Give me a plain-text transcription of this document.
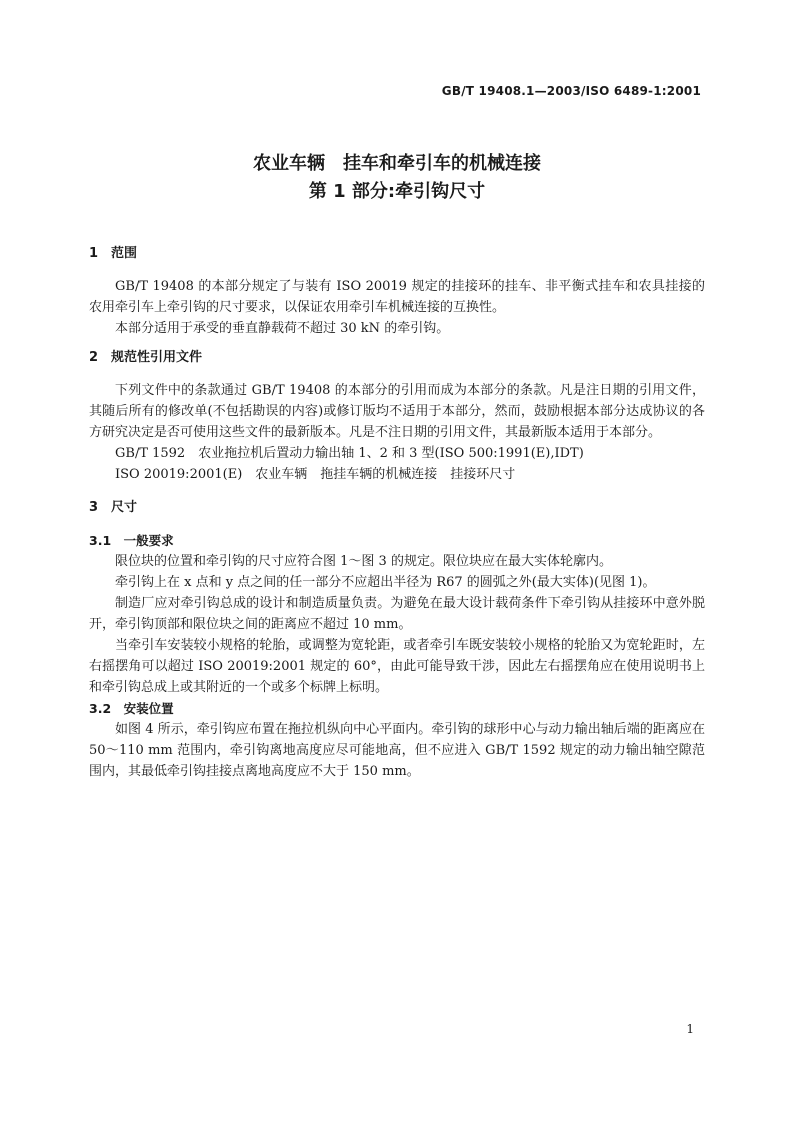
GB/T 19408.1—2003/ISO 6489-1:2001
农业车辆　挂车和牵引车的机械连接
第 1 部分:牵引钩尺寸
1　范围

GB/T 19408 的本部分规定了与装有 ISO 20019 规定的挂接环的挂车、非平衡式挂车和农具挂接的农用牵引车上牵引钩的尺寸要求，以保证农用牵引车机械连接的互换性。

本部分适用于承受的垂直静载荷不超过 30 kN 的牵引钩。

2　规范性引用文件

下列文件中的条款通过 GB/T 19408 的本部分的引用而成为本部分的条款。凡是注日期的引用文件，其随后所有的修改单(不包括勘误的内容)或修订版均不适用于本部分，然而，鼓励根据本部分达成协议的各方研究决定是否可使用这些文件的最新版本。凡是不注日期的引用文件，其最新版本适用于本部分。

GB/T 1592　农业拖拉机后置动力输出轴 1、2 和 3 型(ISO 500:1991(E),IDT)

ISO 20019:2001(E)　农业车辆　拖挂车辆的机械连接　挂接环尺寸

3　尺寸
3.1　一般要求

限位块的位置和牵引钩的尺寸应符合图 1～图 3 的规定。限位块应在最大实体轮廓内。

牵引钩上在 x 点和 y 点之间的任一部分不应超出半径为 R67 的圆弧之外(最大实体)(见图 1)。

制造厂应对牵引钩总成的设计和制造质量负责。为避免在最大设计载荷条件下牵引钩从挂接环中意外脱开，牵引钩顶部和限位块之间的距离应不超过 10 mm。

当牵引车安装较小规格的轮胎，或调整为宽轮距，或者牵引车既安装较小规格的轮胎又为宽轮距时，左右摇摆角可以超过 ISO 20019:2001 规定的 60°，由此可能导致干涉，因此左右摇摆角应在使用说明书上和牵引钩总成上或其附近的一个或多个标牌上标明。

3.2　安装位置

如图 4 所示，牵引钩应布置在拖拉机纵向中心平面内。牵引钩的球形中心与动力输出轴后端的距离应在 50～110 mm 范围内，牵引钩离地高度应尽可能地高，但不应进入 GB/T 1592 规定的动力输出轴空隙范围内，其最低牵引钩挂接点离地高度应不大于 150 mm。

1
